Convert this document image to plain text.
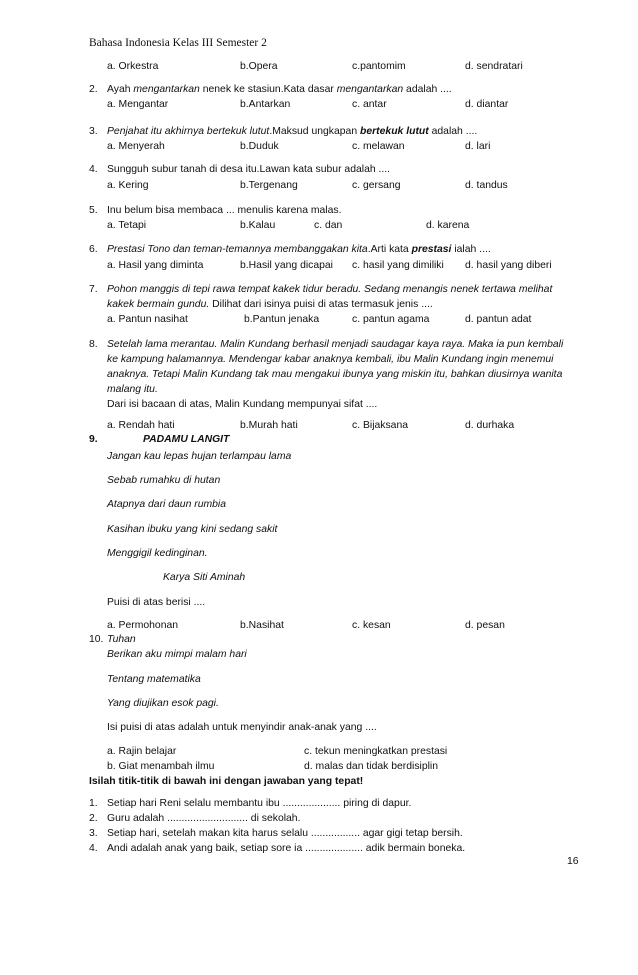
Bahasa Indonesia Kelas III Semester 2
a. Orkestra	b.Opera	c.pantomim	d. sendratari
2. Ayah mengantarkan nenek ke stasiun.Kata dasar mengantarkan adalah ....
a. Mengantar	b.Antarkan	c. antar	d. diantar
3. Penjahat itu akhirnya bertekuk lutut.Maksud ungkapan bertekuk lutut adalah ....
a. Menyerah	b.Duduk	c. melawan	d. lari
4. Sungguh subur tanah di desa itu.Lawan kata subur adalah ....
a. Kering	b.Tergenang	c. gersang	d. tandus
5. Inu belum bisa membaca ... menulis karena malas.
a. Tetapi	b.Kalau	c. dan	d. karena
6. Prestasi Tono dan teman-temannya membanggakan kita.Arti kata prestasi ialah ....
a. Hasil yang diminta	b.Hasil yang dicapai c. hasil yang dimiliki d. hasil yang diberi
7. Pohon manggis di tepi rawa tempat kakek tidur beradu. Sedang menangis nenek tertawa melihat
kakek bermain gundu. Dilihat dari isinya puisi di atas termasuk jenis ....
a. Pantun nasihat	b.Pantun jenaka	c. pantun agama	d. pantun adat
8. Setelah lama merantau. Malin Kundang berhasil menjadi saudagar kaya raya. Maka ia pun kembali
ke kampung halamannya. Mendengar kabar anaknya kembali, ibu Malin Kundang ingin menemui
anaknya. Tetapi Malin Kundang tak mau mengakui ibunya yang miskin itu, bahkan diusirnya wanita
malang itu.
Dari isi bacaan di atas, Malin Kundang mempunyai sifat ....
a. Rendah hati	b.Murah hati	c. Bijaksana	d. durhaka
9.	PADAMU LANGIT
Jangan kau lepas hujan terlampau lama
Sebab rumahku di hutan
Atapnya dari daun rumbia
Kasihan ibuku yang kini sedang sakit
Menggigil kedinginan.
Karya Siti Aminah
Puisi di atas berisi ....
a. Permohonan	b.Nasihat	c. kesan	d. pesan
10. Tuhan
Berikan aku mimpi malam hari
Tentang matematika
Yang diujikan esok pagi.
Isi puisi di atas adalah untuk menyindir anak-anak yang ....
a. Rajin belajar	c. tekun meningkatkan prestasi
b. Giat menambah ilmu	d. malas dan tidak berdisiplin
Isilah titik-titik di bawah ini dengan jawaban yang tepat!
1. Setiap hari Reni selalu membantu ibu .................... piring di dapur.
2. Guru adalah ............................ di sekolah.
3. Setiap hari, setelah makan kita harus selalu ................. agar gigi tetap bersih.
4. Andi adalah anak yang baik, setiap sore ia .................... adik bermain boneka.
16
